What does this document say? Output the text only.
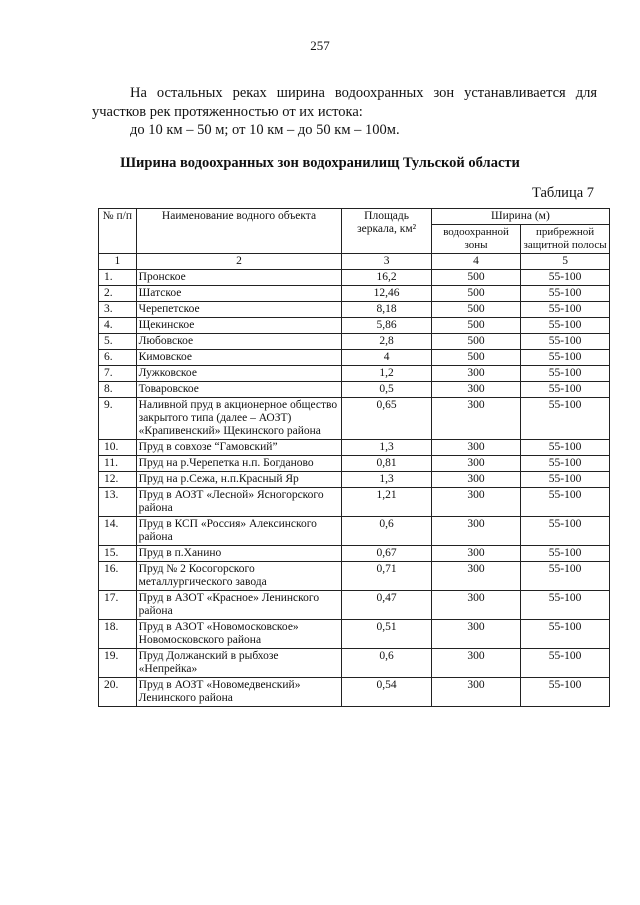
257
На остальных реках ширина водоохранных зон устанавливается для участков рек протяженностью от их истока:
до 10 км – 50 м; от 10 км – до 50 км – 100м.
Ширина водоохранных зон водохранилищ Тульской области
Таблица 7
№ п/п	Наименование водного объекта	Площадь зеркала, км²	Ширина (м)	
			водоохранной зоны	прибрежной защитной полосы
1	2	3	4	5
1.	Пронское	16,2	500	55-100
2.	Шатское	12,46	500	55-100
3.	Черепетское	8,18	500	55-100
4.	Щекинское	5,86	500	55-100
5.	Любовское	2,8	500	55-100
6.	Кимовское	4	500	55-100
7.	Лужковское	1,2	300	55-100
8.	Товаровское	0,5	300	55-100
9.	Наливной пруд в акционерное общество закрытого типа (далее – АОЗТ) «Крапивенский» Щекинского района	0,65	300	55-100
10.	Пруд в совхозе “Гамовский”	1,3	300	55-100
11.	Пруд на р.Черепетка н.п. Богданово	0,81	300	55-100
12.	Пруд на р.Сежа, н.п.Красный Яр	1,3	300	55-100
13.	Пруд в АОЗТ «Лесной» Ясногорского района	1,21	300	55-100
14.	Пруд в КСП «Россия» Алексинского района	0,6	300	55-100
15.	Пруд в п.Ханино	0,67	300	55-100
16.	Пруд № 2 Косогорского металлургического завода	0,71	300	55-100
17.	Пруд в АЗОТ «Красное» Ленинского района	0,47	300	55-100
18.	Пруд в АЗОТ «Новомосковское» Новомосковского района	0,51	300	55-100
19.	Пруд Должанский в рыбхозе «Непрейка»	0,6	300	55-100
20.	Пруд в АОЗТ «Новомедвенский» Ленинского района	0,54	300	55-100
